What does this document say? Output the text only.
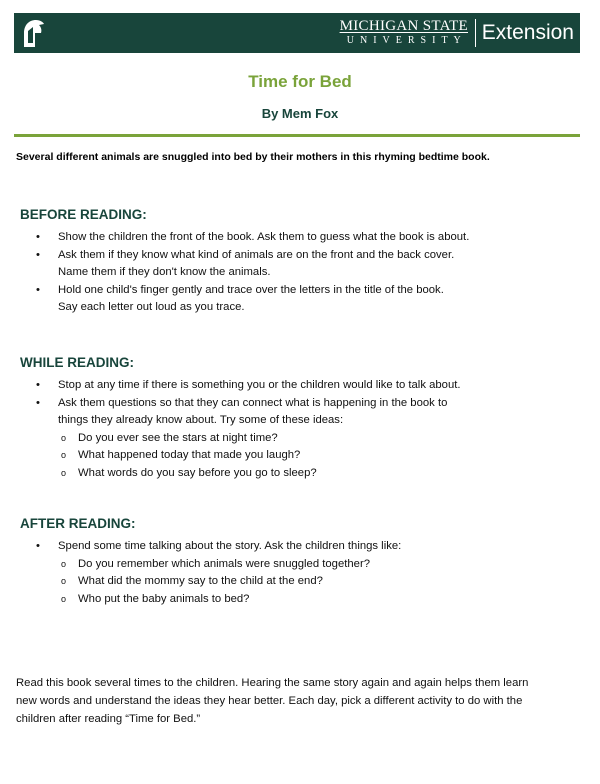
MICHIGAN STATE
UNIVERSITY Extension
Time for Bed
By Mem Fox
Several different animals are snuggled into bed by their mothers in this rhyming bedtime book.
BEFORE READING:
• Show the children the front of the book. Ask them to guess what the book is about.
• Ask them if they know what kind of animals are on the front and the back cover.
Name them if they don't know the animals.
• Hold one child's finger gently and trace over the letters in the title of the book.
Say each letter out loud as you trace.
WHILE READING:
• Stop at any time if there is something you or the children would like to talk about.
• Ask them questions so that they can connect what is happening in the book to
things they already know about. Try some of these ideas:
o Do you ever see the stars at night time?
o What happened today that made you laugh?
o What words do you say before you go to sleep?
AFTER READING:
• Spend some time talking about the story. Ask the children things like:
o Do you remember which animals were snuggled together?
o What did the mommy say to the child at the end?
o Who put the baby animals to bed?
Read this book several times to the children. Hearing the same story again and again helps them learn new words and understand the ideas they hear better. Each day, pick a different activity to do with the children after reading “Time for Bed.”
